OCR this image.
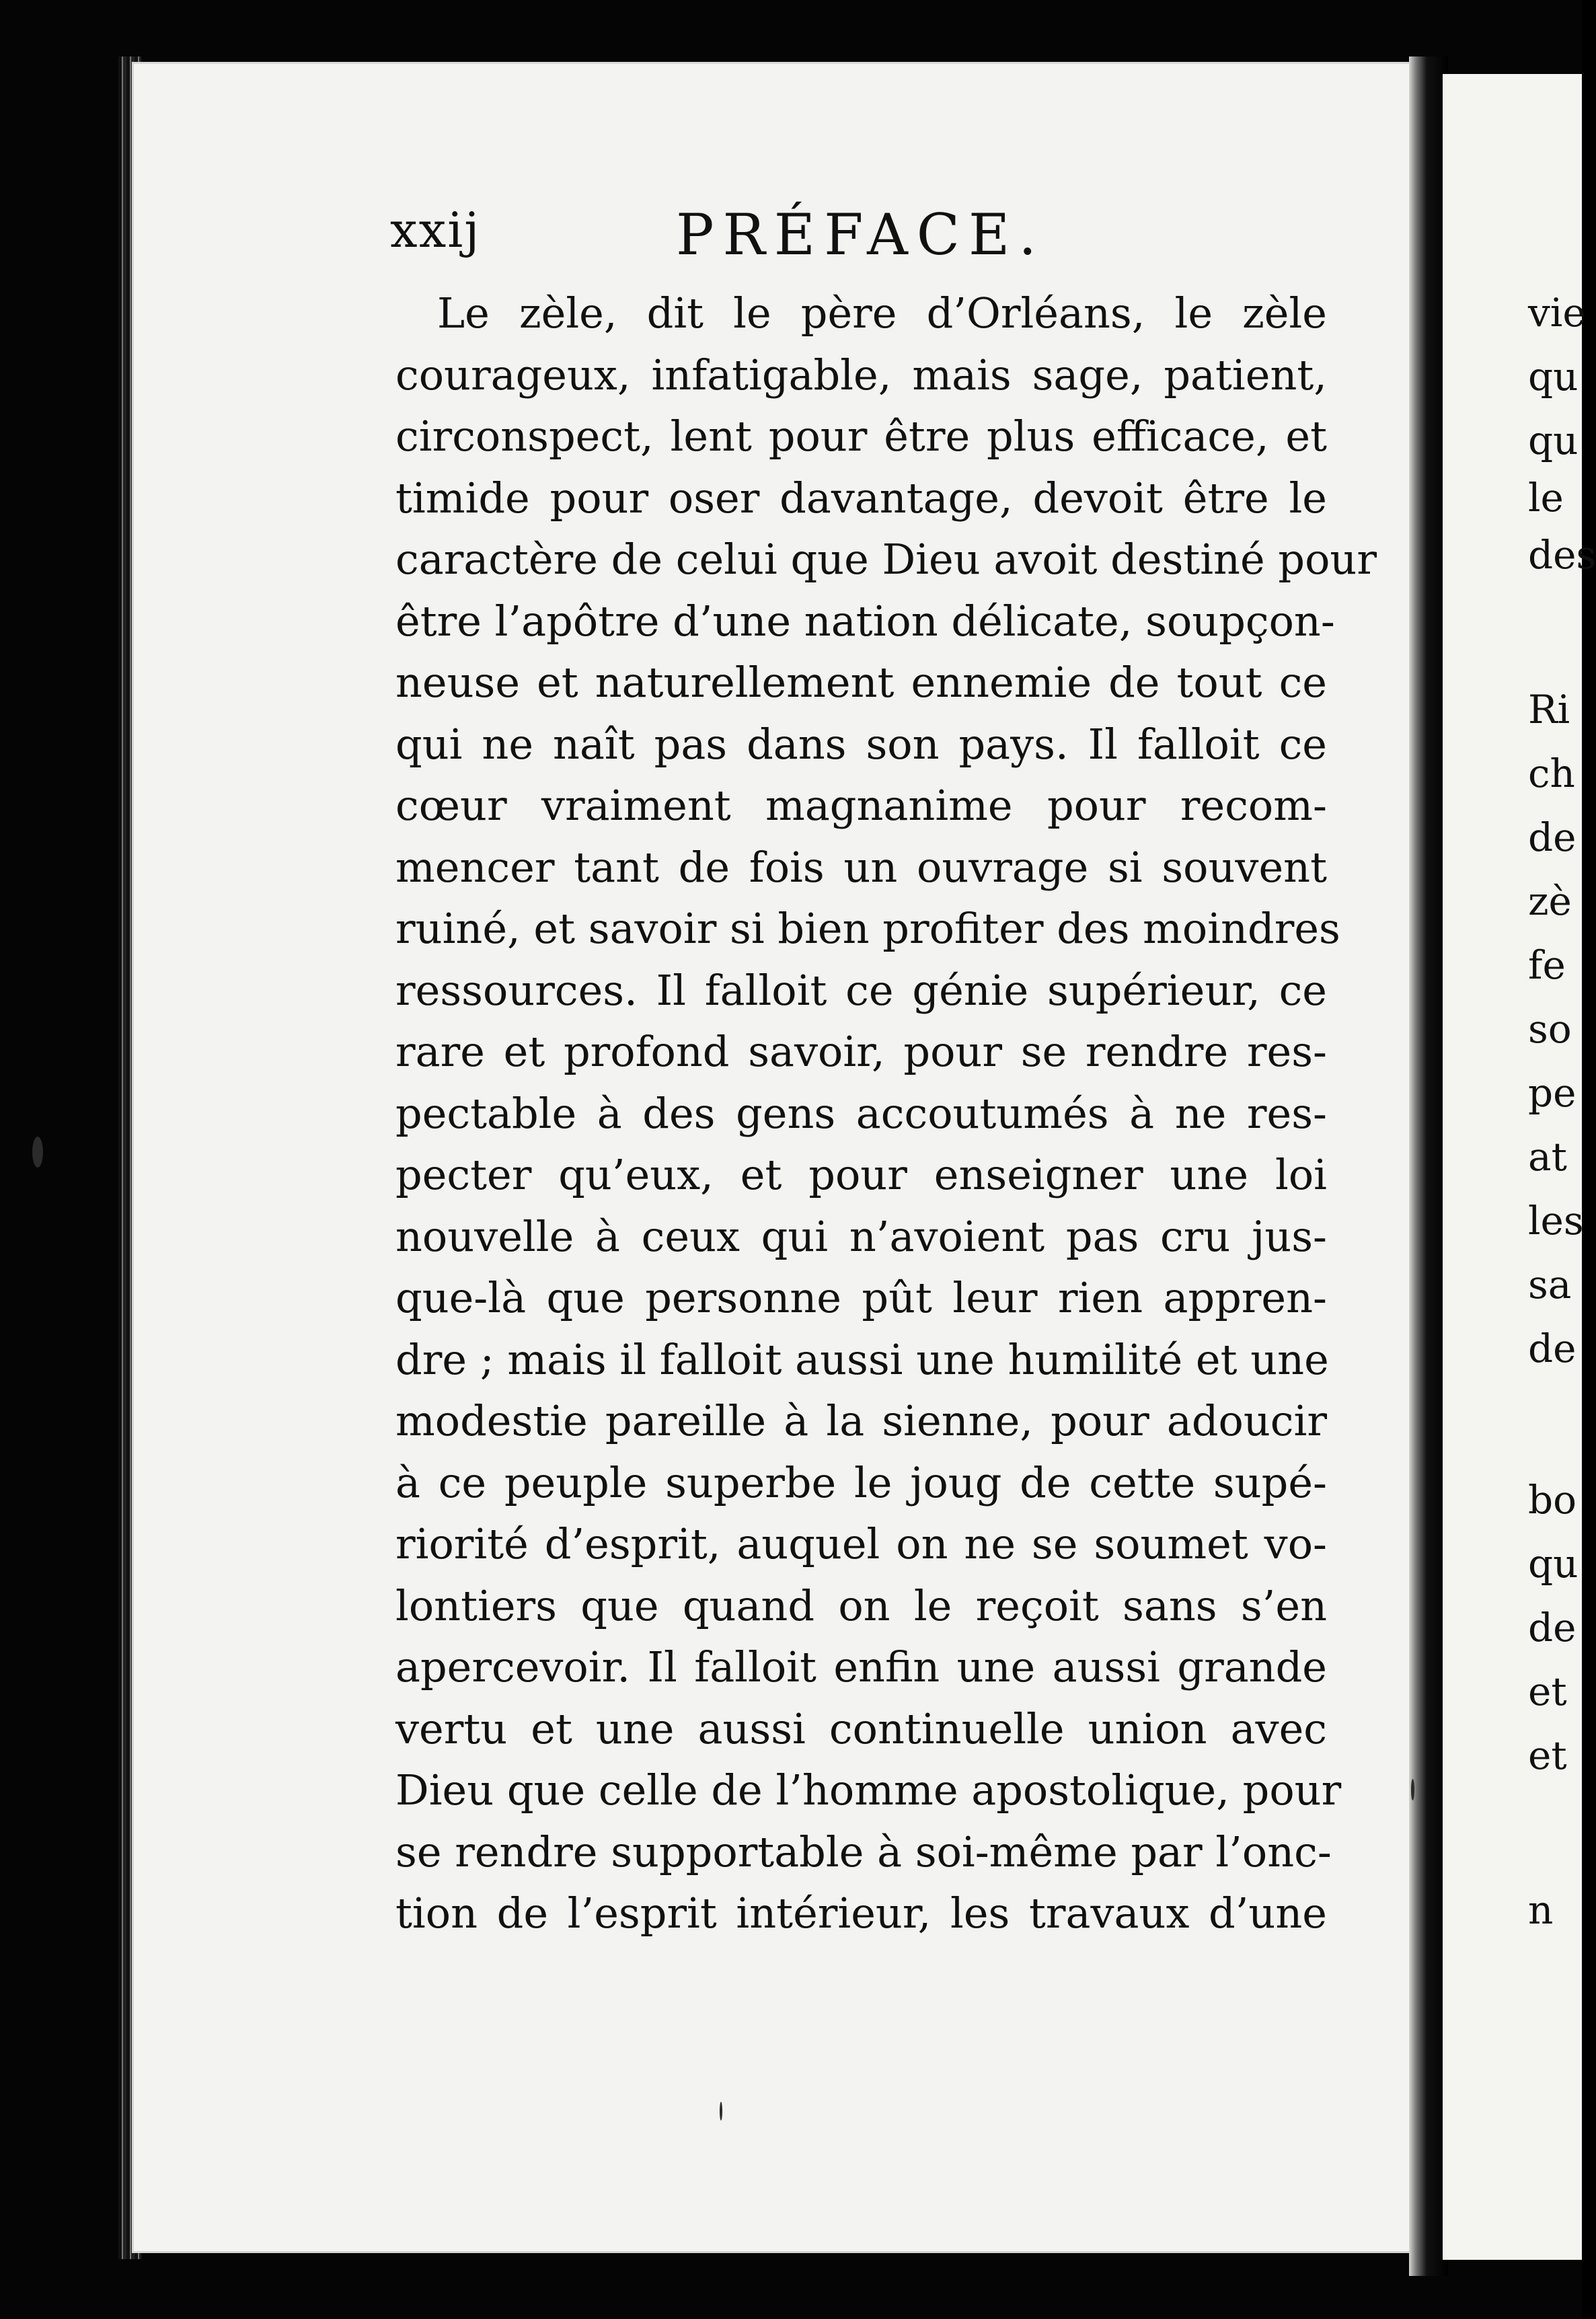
xxij	PRÉFACE.
Le zèle, dit le père d’Orléans, le zèle
courageux, infatigable, mais sage, patient,
circonspect, lent pour être plus efficace, et
timide pour oser davantage, devoit être le
caractère de celui que Dieu avoit destiné pour
être l’apôtre d’une nation délicate, soupçon-
neuse et naturellement ennemie de tout ce
qui ne naît pas dans son pays. Il falloit ce
cœur vraiment magnanime pour recom-
mencer tant de fois un ouvrage si souvent
ruiné, et savoir si bien profiter des moindres
ressources. Il falloit ce génie supérieur, ce
rare et profond savoir, pour se rendre res-
pectable à des gens accoutumés à ne res-
pecter qu’eux, et pour enseigner une loi
nouvelle à ceux qui n’avoient pas cru jus-
que-là que personne pût leur rien appren-
dre ; mais il falloit aussi une humilité et une
modestie pareille à la sienne, pour adoucir
à ce peuple superbe le joug de cette supé-
riorité d’esprit, auquel on ne se soumet vo-
lontiers que quand on le reçoit sans s’en
apercevoir. Il falloit enfin une aussi grande
vertu et une aussi continuelle union avec
Dieu que celle de l’homme apostolique, pour
se rendre supportable à soi-même par l’onc-
tion de l’esprit intérieur, les travaux d’une
vie
qu
qu
le
des
Ri
ch
de
zè
fe
so
pe
at
les
sa
de
bo
qu
de
et
et
n
